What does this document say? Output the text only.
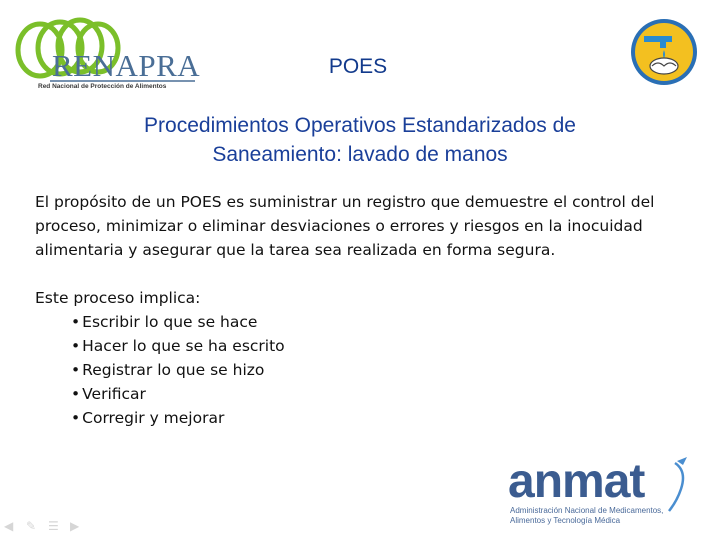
RENAPRA
Red Nacional de Protección de Alimentos
POES
Procedimientos Operativos Estandarizados de
Saneamiento: lavado de manos

El propósito de un POES es suministrar un registro que demuestre el control del proceso, minimizar o eliminar desviaciones o errores y riesgos en la inocuidad alimentaria y asegurar que la tarea sea realizada en forma segura.

Este proceso implica:

• Escribir lo que se hace
• Hacer lo que se ha escrito
• Registrar lo que se hizo
• Verificar
• Corregir y mejorar
anmat
Administración Nacional de Medicamentos,
Alimentos y Tecnología Médica
◀	✎ ☰ ▶
